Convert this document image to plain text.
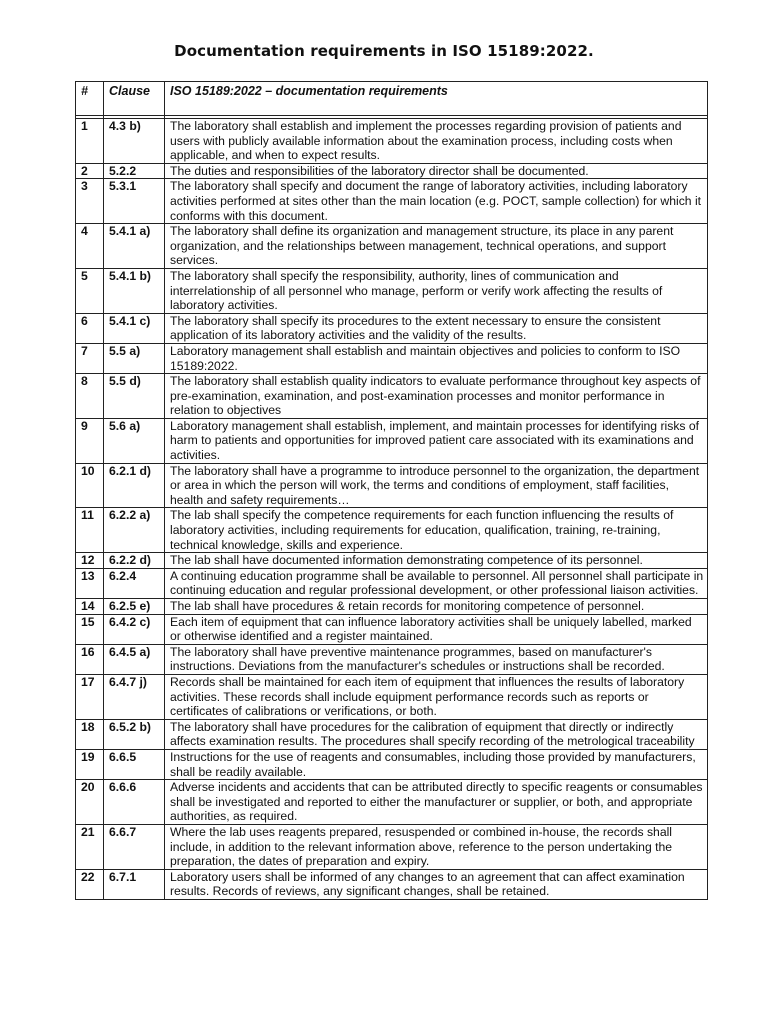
Documentation requirements in ISO 15189:2022.
#	Clause	ISO 15189:2022 – documentation requirements

1	4.3 b)	The laboratory shall establish and implement the processes regarding provision of patients and users with publicly available information about the examination process, including costs when applicable, and when to expect results.
2	5.2.2	The duties and responsibilities of the laboratory director shall be documented.
3	5.3.1	The laboratory shall specify and document the range of laboratory activities, including laboratory activities performed at sites other than the main location (e.g. POCT, sample collection) for which it conforms with this document.
4	5.4.1 a)	The laboratory shall define its organization and management structure, its place in any parent organization, and the relationships between management, technical operations, and support services.
5	5.4.1 b)	The laboratory shall specify the responsibility, authority, lines of communication and interrelationship of all personnel who manage, perform or verify work affecting the results of laboratory activities.
6	5.4.1 c)	The laboratory shall specify its procedures to the extent necessary to ensure the consistent application of its laboratory activities and the validity of the results.
7	5.5 a)	Laboratory management shall establish and maintain objectives and policies to conform to ISO 15189:2022.
8	5.5 d)	The laboratory shall establish quality indicators to evaluate performance throughout key aspects of pre-examination, examination, and post-examination processes and monitor performance in relation to objectives
9	5.6 a)	Laboratory management shall establish, implement, and maintain processes for identifying risks of harm to patients and opportunities for improved patient care associated with its examinations and activities.
10	6.2.1 d)	The laboratory shall have a programme to introduce personnel to the organization, the department or area in which the person will work, the terms and conditions of employment, staff facilities, health and safety requirements…
11	6.2.2 a)	The lab shall specify the competence requirements for each function influencing the results of laboratory activities, including requirements for education, qualification, training, re-training, technical knowledge, skills and experience.
12	6.2.2 d)	The lab shall have documented information demonstrating competence of its personnel.
13	6.2.4	A continuing education programme shall be available to personnel. All personnel shall participate in continuing education and regular professional development, or other professional liaison activities.
14	6.2.5 e)	The lab shall have procedures & retain records for monitoring competence of personnel.
15	6.4.2 c)	Each item of equipment that can influence laboratory activities shall be uniquely labelled, marked or otherwise identified and a register maintained.
16	6.4.5 a)	The laboratory shall have preventive maintenance programmes, based on manufacturer's instructions. Deviations from the manufacturer's schedules or instructions shall be recorded.
17	6.4.7 j)	Records shall be maintained for each item of equipment that influences the results of laboratory activities. These records shall include equipment performance records such as reports or certificates of calibrations or verifications, or both.
18	6.5.2 b)	The laboratory shall have procedures for the calibration of equipment that directly or indirectly affects examination results. The procedures shall specify recording of the metrological traceability
19	6.6.5	Instructions for the use of reagents and consumables, including those provided by manufacturers, shall be readily available.
20	6.6.6	Adverse incidents and accidents that can be attributed directly to specific reagents or consumables shall be investigated and reported to either the manufacturer or supplier, or both, and appropriate authorities, as required.
21	6.6.7	Where the lab uses reagents prepared, resuspended or combined in-house, the records shall include, in addition to the relevant information above, reference to the person undertaking the preparation, the dates of preparation and expiry.
22	6.7.1	Laboratory users shall be informed of any changes to an agreement that can affect examination results. Records of reviews, any significant changes, shall be retained.
